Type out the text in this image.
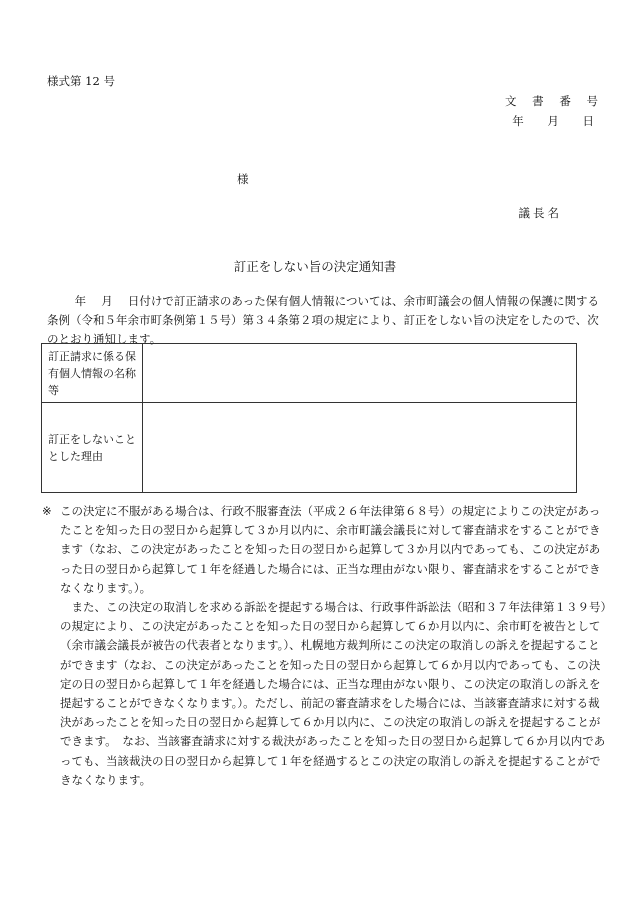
様式第 12 号
文 書 番 号
年 月 日
様
議長名
訂正をしない旨の決定通知書

年　 月　 日付けで訂正請求のあった保有個人情報については、余市町議会の個人情報の保護に関する条例（令和５年余市町条例第１５号）第３４条第２項の規定により、訂正をしない旨の決定をしたので、次のとおり通知します。

訂正請求に係る保有個人情報の名称等	
訂正をしないこととした理由	
※ この決定に不服がある場合は、行政不服審査法（平成２６年法律第６８号）の規定によりこの決定があったことを知った日の翌日から起算して３か月以内に、余市町議会議長に対して審査請求をすることができます（なお、この決定があったことを知った日の翌日から起算して３か月以内であっても、この決定があった日の翌日から起算して１年を経過した場合には、正当な理由がない限り、審査請求をすることができなくなります。）。

また、この決定の取消しを求める訴訟を提起する場合は、行政事件訴訟法（昭和３７年法律第１３９号）の規定により、この決定があったことを知った日の翌日から起算して６か月以内に、余市町を被告として（余市議会議長が被告の代表者となります。）、札幌地方裁判所にこの決定の取消しの訴えを提起することができます（なお、この決定があったことを知った日の翌日から起算して６か月以内であっても、この決定の日の翌日から起算して１年を経過した場合には、正当な理由がない限り、この決定の取消しの訴えを提起することができなくなります。）。ただし、前記の審査請求をした場合には、当該審査請求に対する裁決があったことを知った日の翌日から起算して６か月以内に、この決定の取消しの訴えを提起することができます。　なお、当該審査請求に対する裁決があったことを知った日の翌日から起算して６か月以内であっても、当該裁決の日の翌日から起算して１年を経過するとこの決定の取消しの訴えを提起することができなくなります。
